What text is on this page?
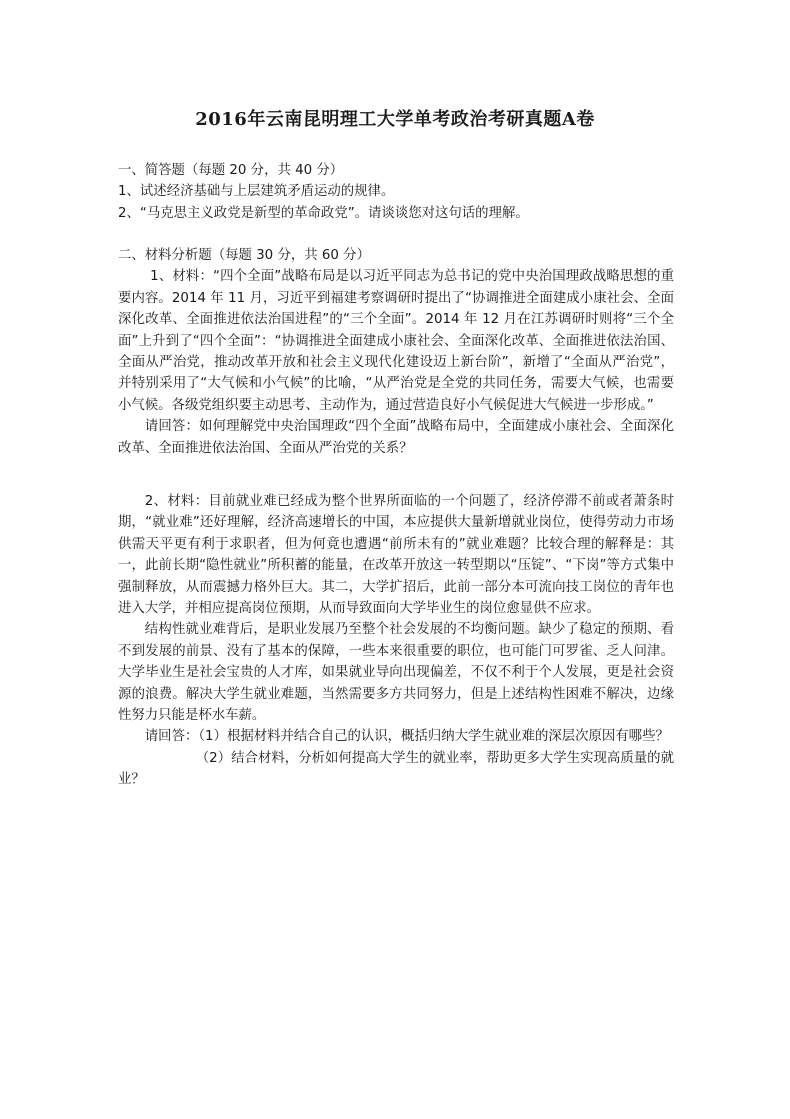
2016年云南昆明理工大学单考政治考研真题A卷

一、简答题（每题 20 分，共 40 分）

1、试述经济基础与上层建筑矛盾运动的规律。

2、“马克思主义政党是新型的革命政党”。请谈谈您对这句话的理解。

二、材料分析题（每题 30 分，共 60 分）

1、材料：“四个全面”战略布局是以习近平同志为总书记的党中央治国理政战略思想的重要内容。2014 年 11 月，习近平到福建考察调研时提出了“协调推进全面建成小康社会、全面深化改革、全面推进依法治国进程”的“三个全面”。2014 年 12 月在江苏调研时则将“三个全面”上升到了“四个全面”：“协调推进全面建成小康社会、全面深化改革、全面推进依法治国、全面从严治党，推动改革开放和社会主义现代化建设迈上新台阶”，新增了“全面从严治党”，并特别采用了“大气候和小气候”的比喻，“从严治党是全党的共同任务，需要大气候，也需要小气候。各级党组织要主动思考、主动作为，通过营造良好小气候促进大气候进一步形成。”

请回答：如何理解党中央治国理政“四个全面”战略布局中，全面建成小康社会、全面深化改革、全面推进依法治国、全面从严治党的关系？

2、材料：目前就业难已经成为整个世界所面临的一个问题了，经济停滞不前或者萧条时期，“就业难”还好理解，经济高速增长的中国，本应提供大量新增就业岗位，使得劳动力市场供需天平更有利于求职者，但为何竟也遭遇“前所未有的”就业难题？比较合理的解释是：其一，此前长期“隐性就业”所积蓄的能量，在改革开放这一转型期以“压锭”、“下岗”等方式集中强制释放，从而震撼力格外巨大。其二，大学扩招后，此前一部分本可流向技工岗位的青年也进入大学，并相应提高岗位预期，从而导致面向大学毕业生的岗位愈显供不应求。

结构性就业难背后，是职业发展乃至整个社会发展的不均衡问题。缺少了稳定的预期、看不到发展的前景、没有了基本的保障，一些本来很重要的职位，也可能门可罗雀、乏人问津。大学毕业生是社会宝贵的人才库，如果就业导向出现偏差，不仅不利于个人发展，更是社会资源的浪费。解决大学生就业难题，当然需要多方共同努力，但是上述结构性困难不解决，边缘性努力只能是杯水车薪。

请回答：（1）根据材料并结合自己的认识，概括归纳大学生就业难的深层次原因有哪些？

（2）结合材料，分析如何提高大学生的就业率，帮助更多大学生实现高质量的就业？
